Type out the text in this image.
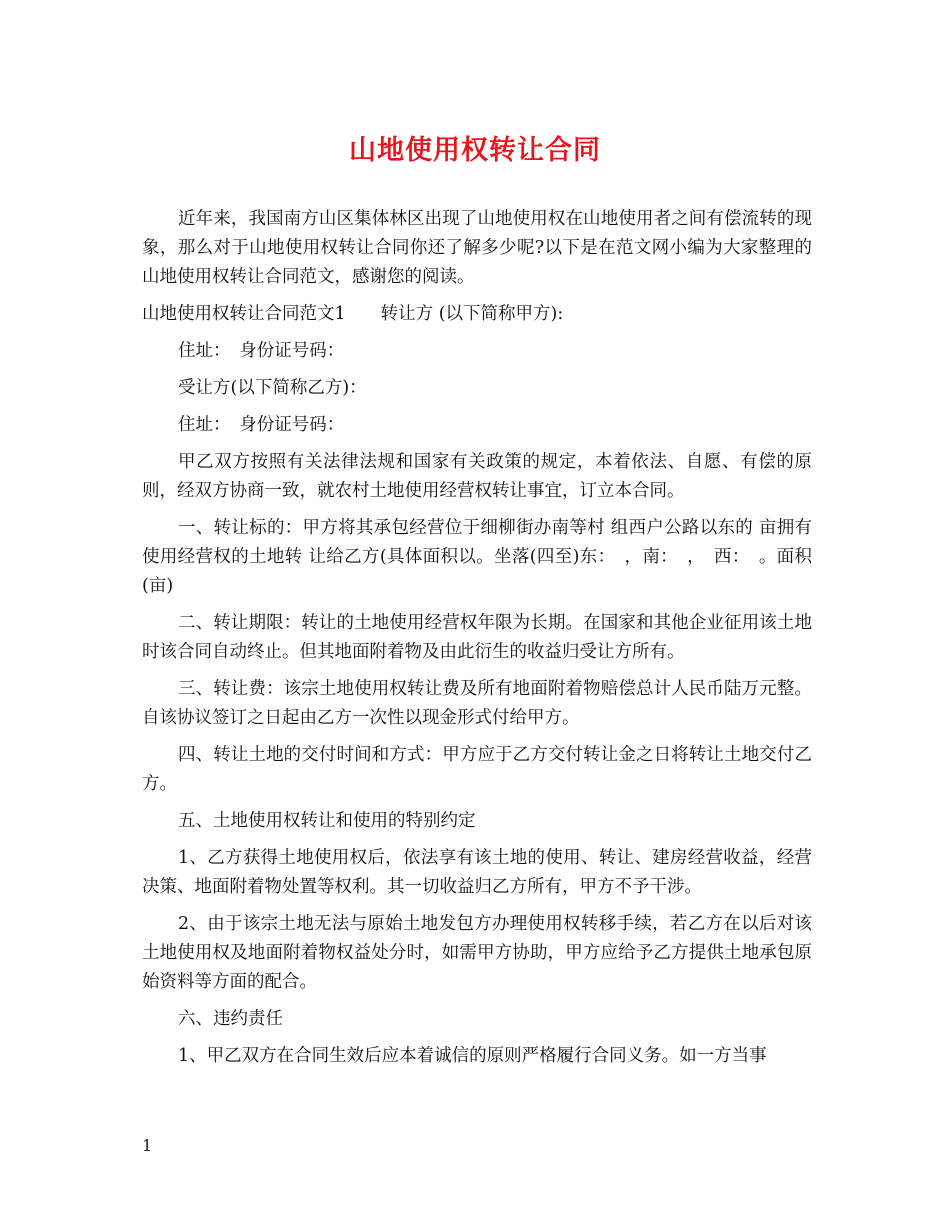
山地使用权转让合同

近年来，我国南方山区集体林区出现了山地使用权在山地使用者之间有偿流转的现象，那么对于山地使用权转让合同你还了解多少呢?以下是在范文网小编为大家整理的山地使用权转让合同范文，感谢您的阅读。

山地使用权转让合同范文1　　转让方 (以下简称甲方):

住址：　身份证号码：

受让方(以下简称乙方)：

住址：　身份证号码：

甲乙双方按照有关法律法规和国家有关政策的规定，本着依法、自愿、有偿的原则，经双方协商一致，就农村土地使用经营权转让事宜，订立本合同。

一、转让标的：甲方将其承包经营位于细柳街办南等村 组西户公路以东的 亩拥有使用经营权的土地转 让给乙方(具体面积以。坐落(四至)东：　，南：　，　西：　。面积 (亩)

二、转让期限：转让的土地使用经营权年限为长期。在国家和其他企业征用该土地时该合同自动终止。但其地面附着物及由此衍生的收益归受让方所有。

三、转让费：该宗土地使用权转让费及所有地面附着物赔偿总计人民币陆万元整。自该协议签订之日起由乙方一次性以现金形式付给甲方。

四、转让土地的交付时间和方式：甲方应于乙方交付转让金之日将转让土地交付乙方。

五、土地使用权转让和使用的特别约定

1、乙方获得土地使用权后，依法享有该土地的使用、转让、建房经营收益，经营决策、地面附着物处置等权利。其一切收益归乙方所有，甲方不予干涉。

2、由于该宗土地无法与原始土地发包方办理使用权转移手续，若乙方在以后对该土地使用权及地面附着物权益处分时，如需甲方协助，甲方应给予乙方提供土地承包原始资料等方面的配合。

六、违约责任

1、甲乙双方在合同生效后应本着诚信的原则严格履行合同义务。如一方当事

1
